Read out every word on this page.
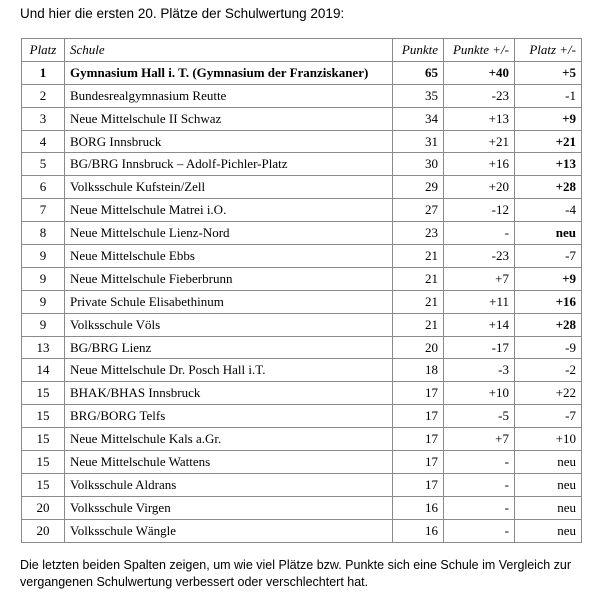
Und hier die ersten 20. Plätze der Schulwertung 2019:
Platz	Schule	Punkte	Punkte +/-	Platz +/-
1	Gymnasium Hall i. T. (Gymnasium der Franziskaner)	65	+40	+5
2	Bundesrealgymnasium Reutte	35	-23	-1
3	Neue Mittelschule II Schwaz	34	+13	+9
4	BORG Innsbruck	31	+21	+21
5	BG/BRG Innsbruck – Adolf-Pichler-Platz	30	+16	+13
6	Volksschule Kufstein/Zell	29	+20	+28
7	Neue Mittelschule Matrei i.O.	27	-12	-4
8	Neue Mittelschule Lienz-Nord	23	-	neu
9	Neue Mittelschule Ebbs	21	-23	-7
9	Neue Mittelschule Fieberbrunn	21	+7	+9
9	Private Schule Elisabethinum	21	+11	+16
9	Volksschule Völs	21	+14	+28
13	BG/BRG Lienz	20	-17	-9
14	Neue Mittelschule Dr. Posch Hall i.T.	18	-3	-2
15	BHAK/BHAS Innsbruck	17	+10	+22
15	BRG/BORG Telfs	17	-5	-7
15	Neue Mittelschule Kals a.Gr.	17	+7	+10
15	Neue Mittelschule Wattens	17	-	neu
15	Volksschule Aldrans	17	-	neu
20	Volksschule Virgen	16	-	neu
20	Volksschule Wängle	16	-	neu
Die letzten beiden Spalten zeigen, um wie viel Plätze bzw. Punkte sich eine Schule im Vergleich zur vergangenen Schulwertung verbessert oder verschlechtert hat.
